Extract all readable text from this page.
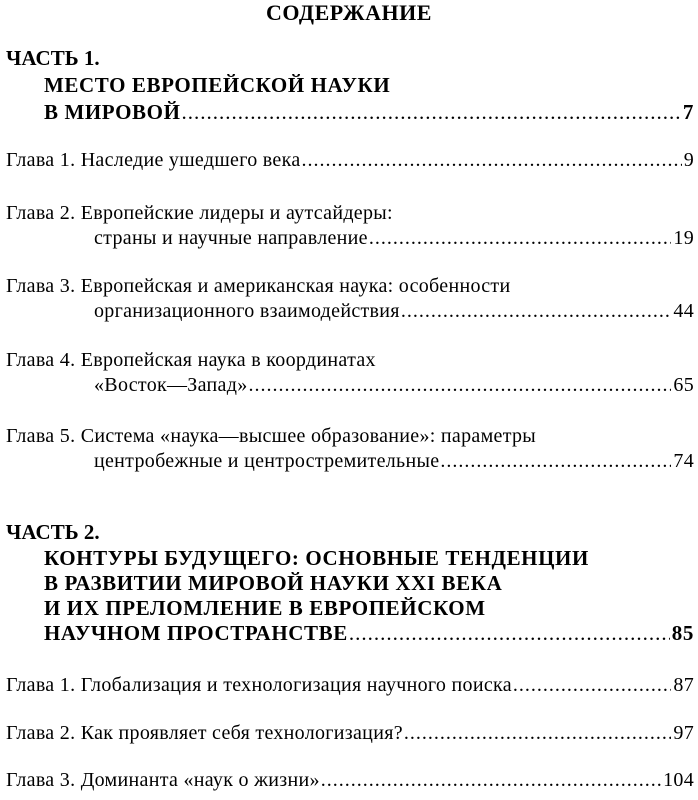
СОДЕРЖАНИЕ
ЧАСТЬ 1.
МЕСТО ЕВРОПЕЙСКОЙ НАУКИ
В МИРОВОЙ .....	7
Глава 1.
Наследие ушедшего века .....	9
Глава 2.
Европейские лидеры и аутсайдеры:
страны и научные направление .....	19
Глава 3.
Европейская и американская наука: особенности
организационного взаимодействия .....	44
Глава 4.
Европейская наука в координатах
«Восток—Запад» .....	65
Глава 5.
Система «наука—высшее образование»: параметры
центробежные и центростремительные .....	74
ЧАСТЬ 2.
КОНТУРЫ БУДУЩЕГО: ОСНОВНЫЕ ТЕНДЕНЦИИ
В РАЗВИТИИ МИРОВОЙ НАУКИ XXI ВЕКА
И ИХ ПРЕЛОМЛЕНИЕ В ЕВРОПЕЙСКОМ
НАУЧНОМ ПРОСТРАНСТВЕ .....	85
Глава 1.
Глобализация и технологизация научного поиска .....	87
Глава 2.
Как проявляет себя технологизация? .....	97
Глава 3.
Доминанта «наук о жизни» .....	104
